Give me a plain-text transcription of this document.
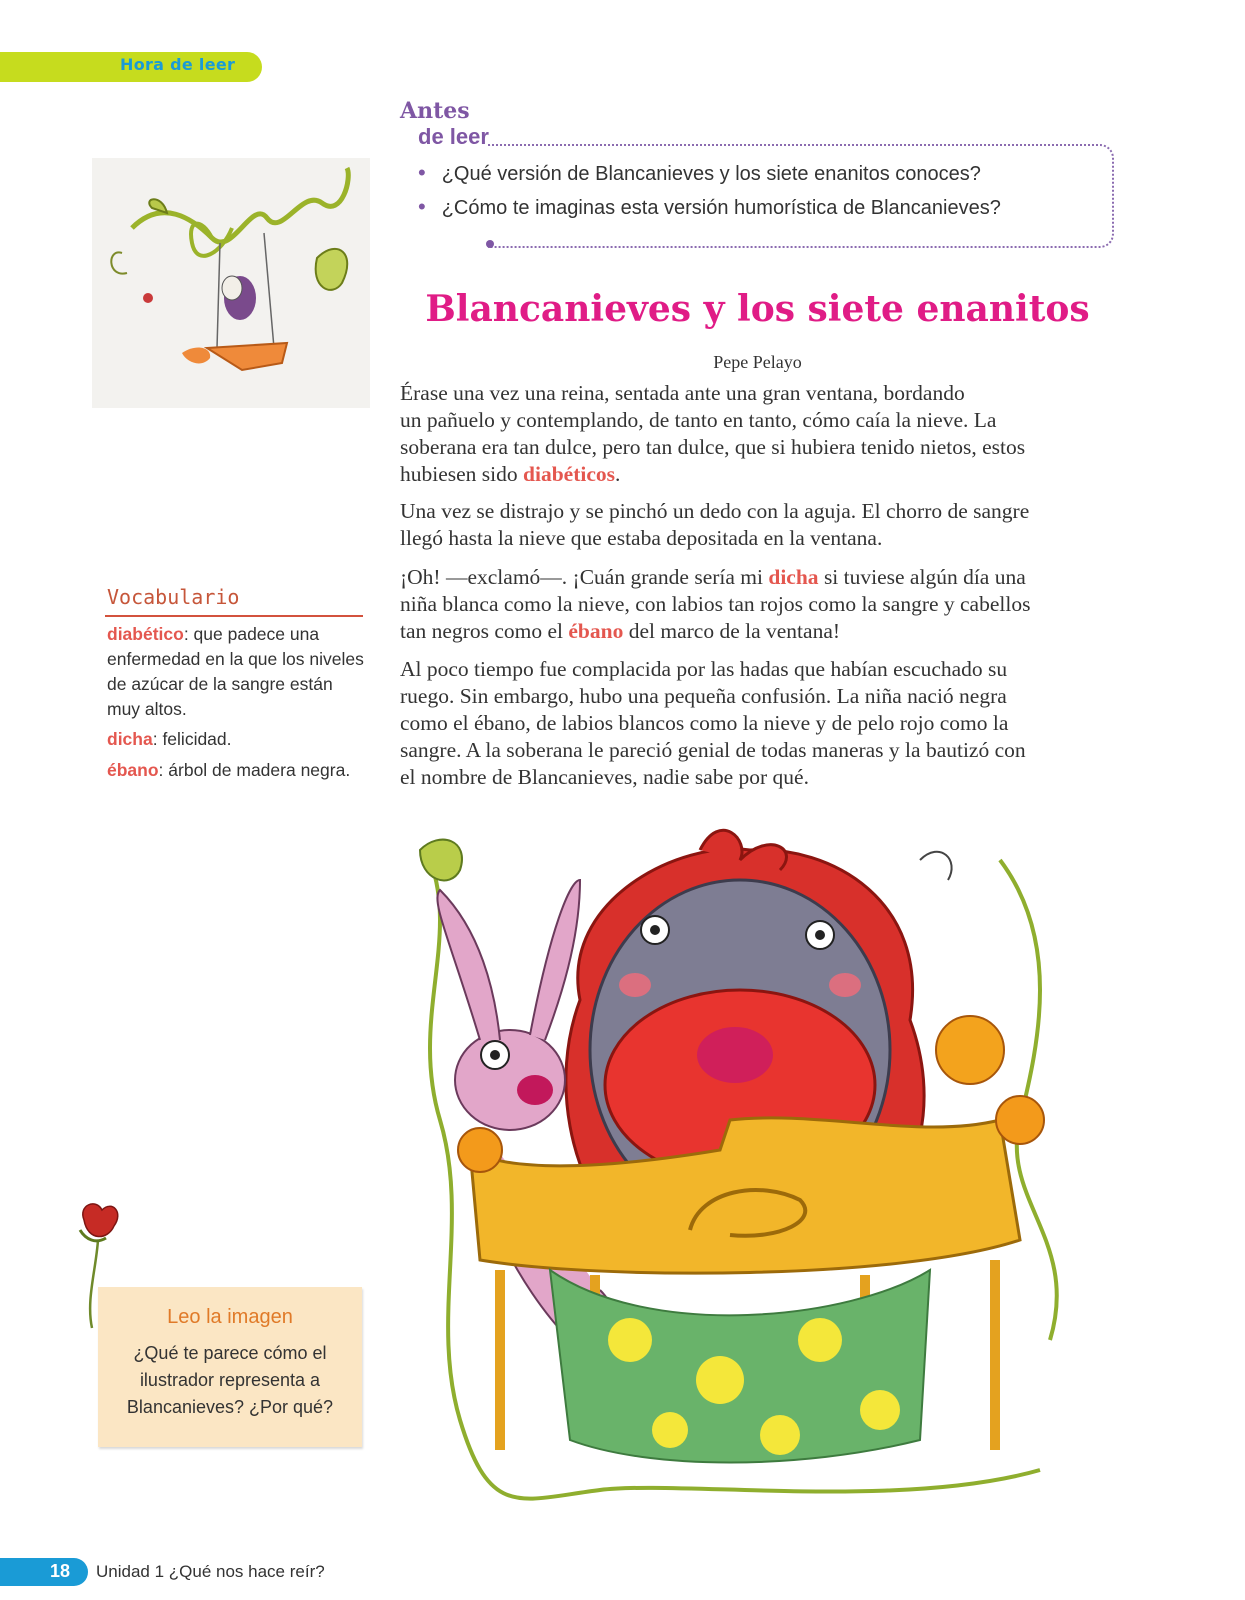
Hora de leer
Antes
de leer
• ¿Qué versión de Blancanieves y los siete enanitos conoces?
• ¿Cómo te imaginas esta versión humorística de Blancanieves?
Blancanieves y los siete enanitos
Pepe Pelayo
Érase una vez una reina, sentada ante una gran ventana, bordando
un pañuelo y contemplando, de tanto en tanto, cómo caía la nieve. La
soberana era tan dulce, pero tan dulce, que si hubiera tenido nietos, estos
hubiesen sido diabéticos.
Una vez se distrajo y se pinchó un dedo con la aguja. El chorro de sangre
llegó hasta la nieve que estaba depositada en la ventana.
¡Oh! —exclamó—. ¡Cuán grande sería mi dicha si tuviese algún día una
niña blanca como la nieve, con labios tan rojos como la sangre y cabellos
tan negros como el ébano del marco de la ventana!
Al poco tiempo fue complacida por las hadas que habían escuchado su
ruego. Sin embargo, hubo una pequeña confusión. La niña nació negra
como el ébano, de labios blancos como la nieve y de pelo rojo como la
sangre. A la soberana le pareció genial de todas maneras y la bautizó con
el nombre de Blancanieves, nadie sabe por qué.
Vocabulario
diabético: que padece una enfermedad en la que los niveles de azúcar de la sangre están muy altos.
dicha: felicidad.
ébano: árbol de madera negra.
Leo la imagen
¿Qué te parece cómo el ilustrador representa a Blancanieves? ¿Por qué?
18 Unidad 1 ¿Qué nos hace reír?
